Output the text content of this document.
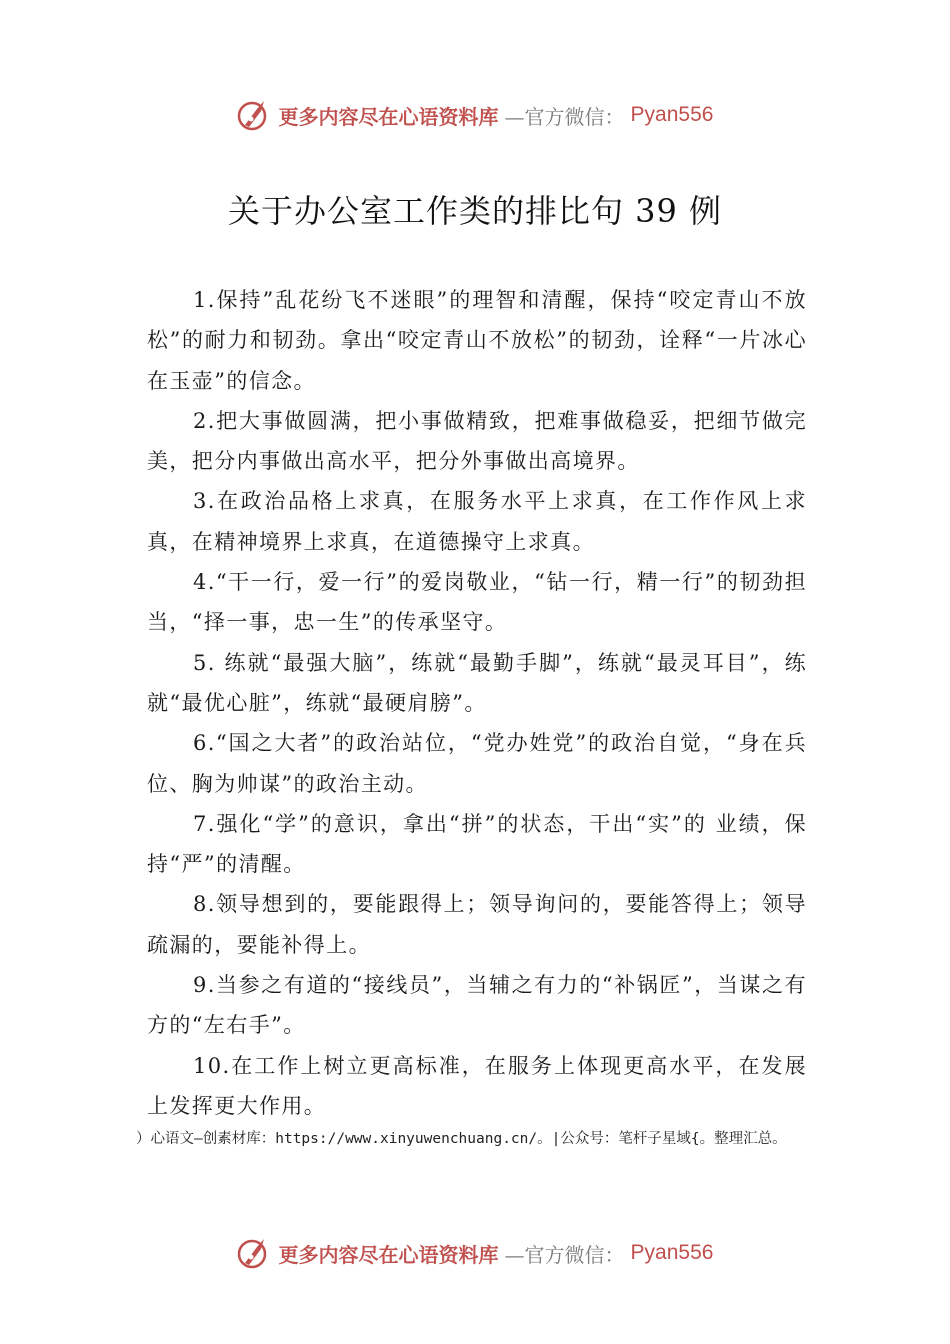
更多内容尽在心语资料库 —官方微信： Pyan556
关于办公室工作类的排比句 39 例

1.保持”乱花纷飞不迷眼”的理智和清醒，保持“咬定青山不放松”的耐力和韧劲。拿出“咬定青山不放松”的韧劲，诠释“一片冰心在玉壶”的信念。

2.把大事做圆满，把小事做精致，把难事做稳妥，把细节做完美，把分内事做出高水平，把分外事做出高境界。

3.在政治品格上求真，在服务水平上求真，在工作作风上求真，在精神境界上求真，在道德操守上求真。

4.“干一行，爱一行”的爱岗敬业，“钻一行，精一行”的韧劲担当，“择一事，忠一生”的传承坚守。

5. 练就“最强大脑”，练就“最勤手脚”，练就“最灵耳目”，练就“最优心脏”，练就“最硬肩膀”。

6.“国之大者”的政治站位，“党办姓党”的政治自觉，“身在兵位、胸为帅谋”的政治主动。

7.强化“学”的意识，拿出“拼”的状态，干出“实”的 业绩，保持“严”的清醒。

8.领导想到的，要能跟得上；领导询问的，要能答得上；领导疏漏的，要能补得上。

9.当参之有道的“接线员”，当辅之有力的“补锅匠”，当谋之有方的“左右手”。

10.在工作上树立更高标准，在服务上体现更高水平，在发展上发挥更大作用。

）心语文—创素材库：https://www.xinyuwenchuang.cn/。|公众号：笔杆子星域{。整理汇总。
更多内容尽在心语资料库 —官方微信： Pyan556
